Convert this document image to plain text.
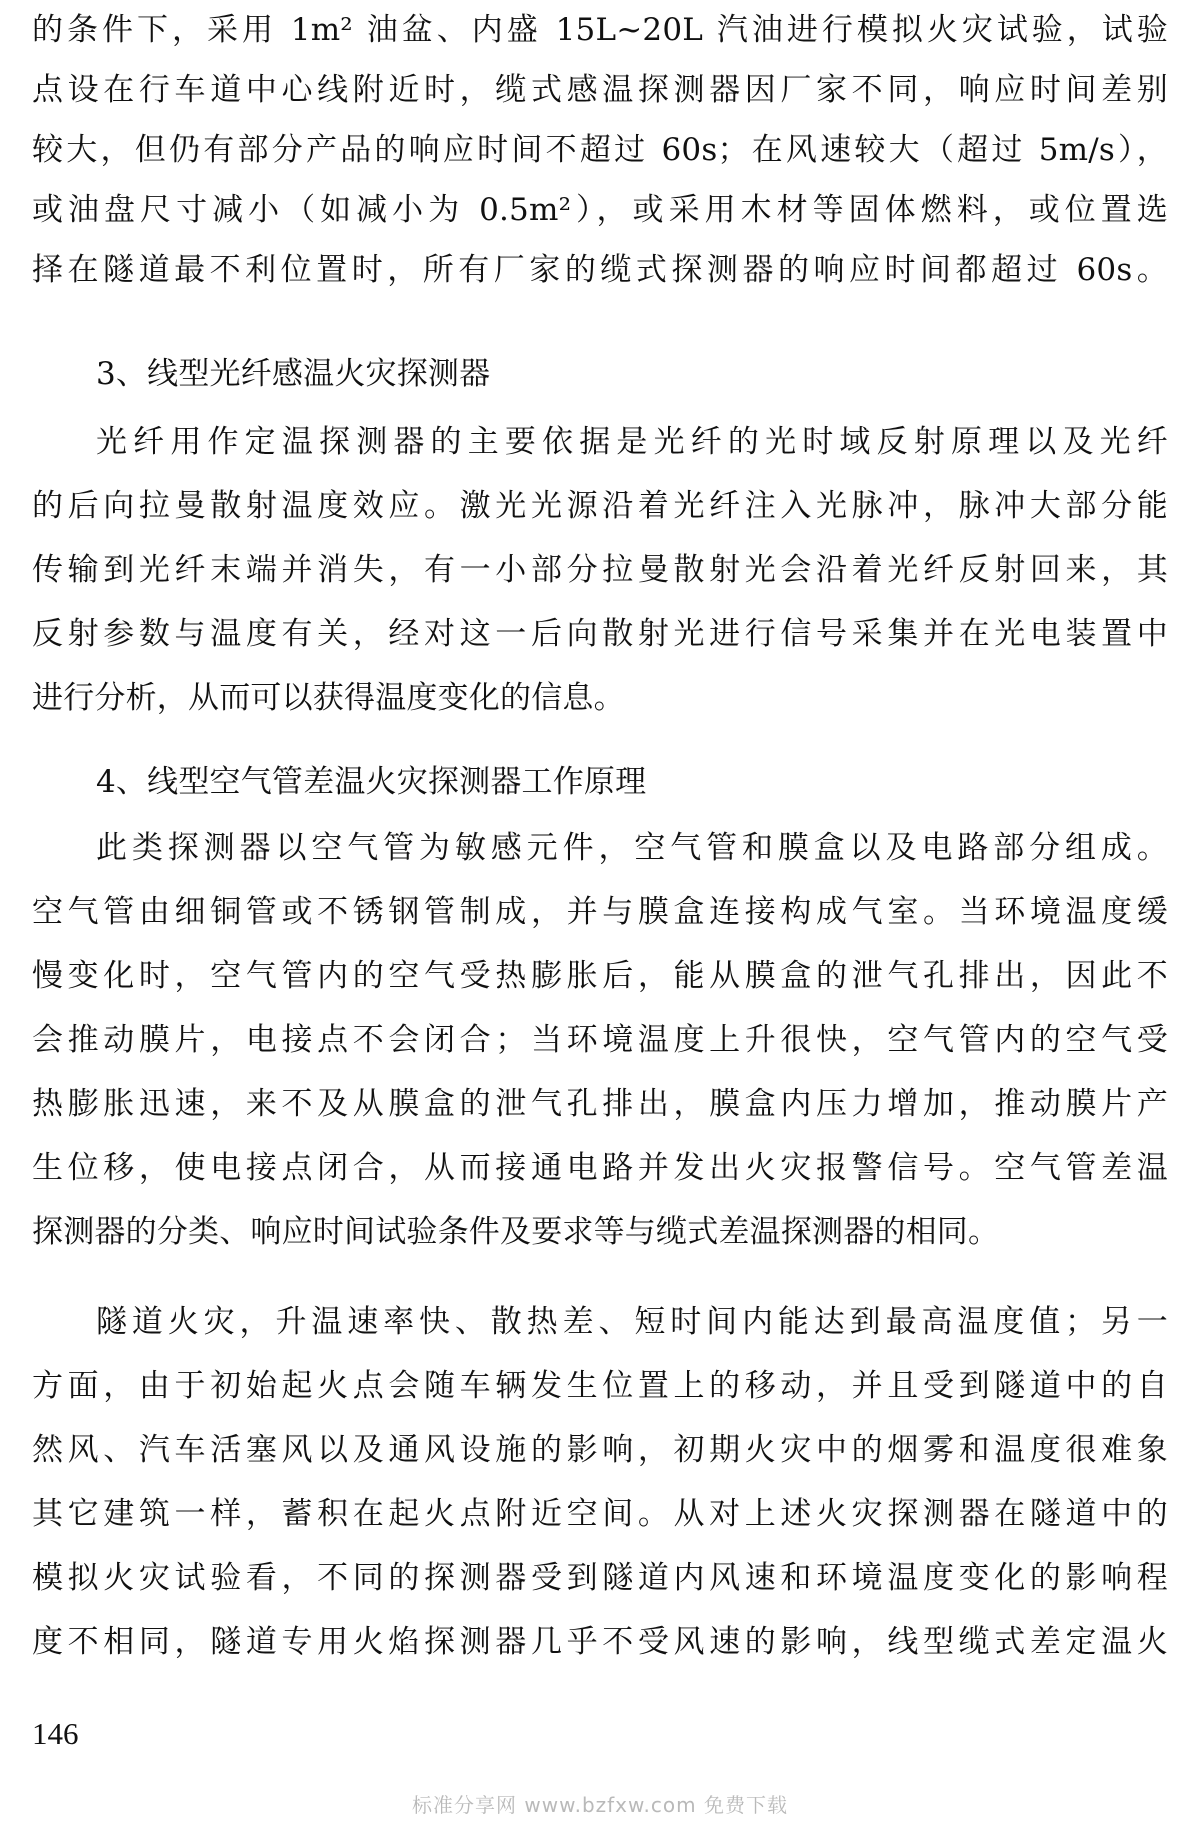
的条件下，采用 1m² 油盆、内盛 15L~20L 汽油进行模拟火灾试验，试验
点设在行车道中心线附近时，缆式感温探测器因厂家不同，响应时间差别
较大，但仍有部分产品的响应时间不超过 60s；在风速较大（超过 5m/s），
或油盘尺寸减小（如减小为 0.5m²），或采用木材等固体燃料，或位置选
择在隧道最不利位置时，所有厂家的缆式探测器的响应时间都超过 60s。
3、线型光纤感温火灾探测器
光纤用作定温探测器的主要依据是光纤的光时域反射原理以及光纤
的后向拉曼散射温度效应。激光光源沿着光纤注入光脉冲，脉冲大部分能
传输到光纤末端并消失，有一小部分拉曼散射光会沿着光纤反射回来，其
反射参数与温度有关，经对这一后向散射光进行信号采集并在光电装置中
进行分析，从而可以获得温度变化的信息。
4、线型空气管差温火灾探测器工作原理
此类探测器以空气管为敏感元件，空气管和膜盒以及电路部分组成。
空气管由细铜管或不锈钢管制成，并与膜盒连接构成气室。当环境温度缓
慢变化时，空气管内的空气受热膨胀后，能从膜盒的泄气孔排出，因此不
会推动膜片，电接点不会闭合；当环境温度上升很快，空气管内的空气受
热膨胀迅速，来不及从膜盒的泄气孔排出，膜盒内压力增加，推动膜片产
生位移，使电接点闭合，从而接通电路并发出火灾报警信号。空气管差温
探测器的分类、响应时间试验条件及要求等与缆式差温探测器的相同。
隧道火灾，升温速率快、散热差、短时间内能达到最高温度值；另一
方面，由于初始起火点会随车辆发生位置上的移动，并且受到隧道中的自
然风、汽车活塞风以及通风设施的影响，初期火灾中的烟雾和温度很难象
其它建筑一样，蓄积在起火点附近空间。从对上述火灾探测器在隧道中的
模拟火灾试验看，不同的探测器受到隧道内风速和环境温度变化的影响程
度不相同，隧道专用火焰探测器几乎不受风速的影响，线型缆式差定温火
146
标准分享网 www.bzfxw.com 免费下载
